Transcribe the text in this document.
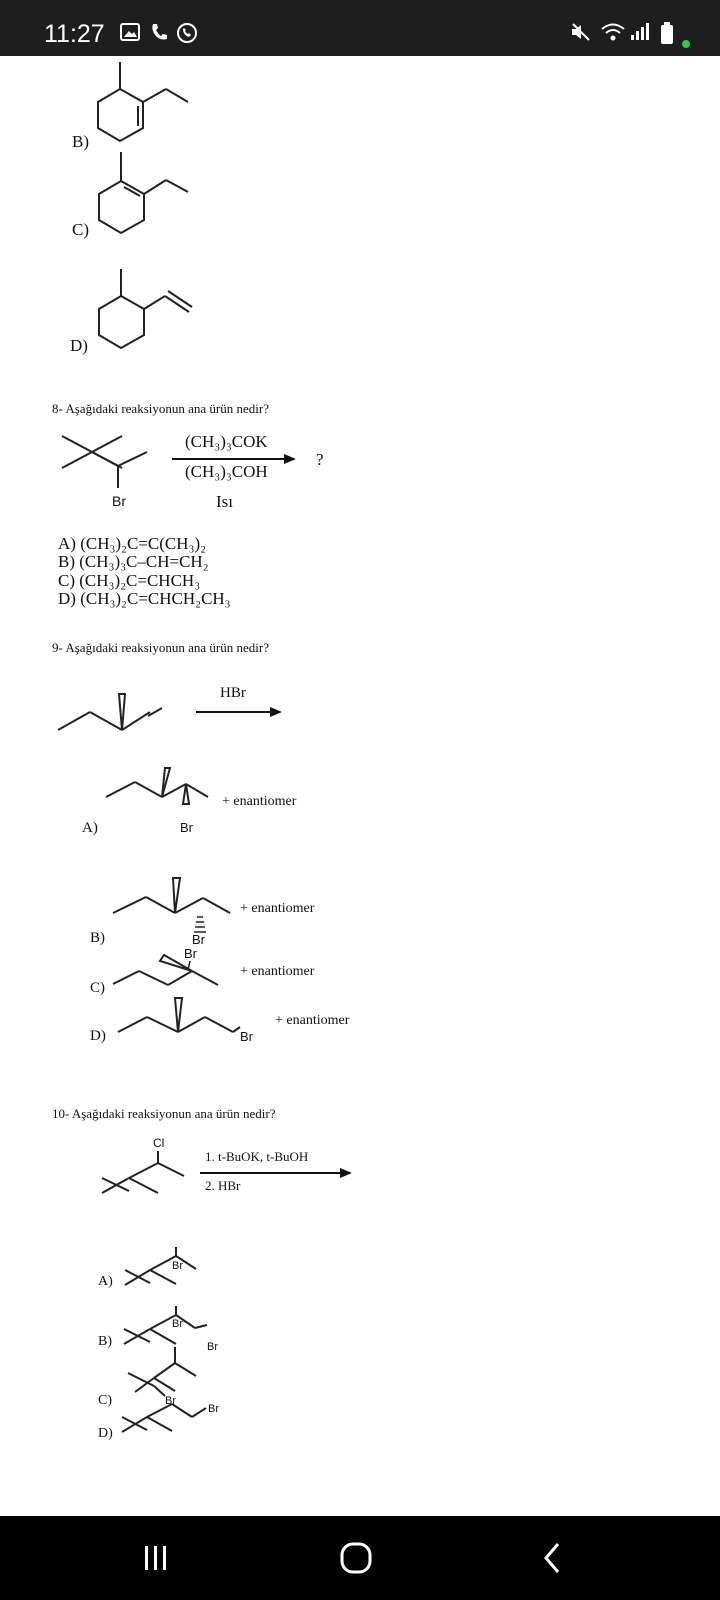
11:27
B)
C)
D)
8- Aşağıdaki reaksiyonun ana ürün nedir?
Br
(CH₃)₃COK
(CH₃)₃COH
Isı
?
A) (CH₃)₂C=C(CH₃)₂
B) (CH₃)₃C–CH=CH₂
C) (CH₃)₂C=CHCH₃
D) (CH₃)₂C=CHCH₂CH₃
9- Aşağıdaki reaksiyonun ana ürün nedir?
HBr
A)	Br
+ enantiomer
B)	Br
+ enantiomer
C)
Br
+ enantiomer
D)	Br
+ enantiomer
10- Aşağıdaki reaksiyonun ana ürün nedir?
Cl
1. t-BuOK, t-BuOH
2. HBr
A)
Br
B)
Br
Br
C)	Br
D)
Br
